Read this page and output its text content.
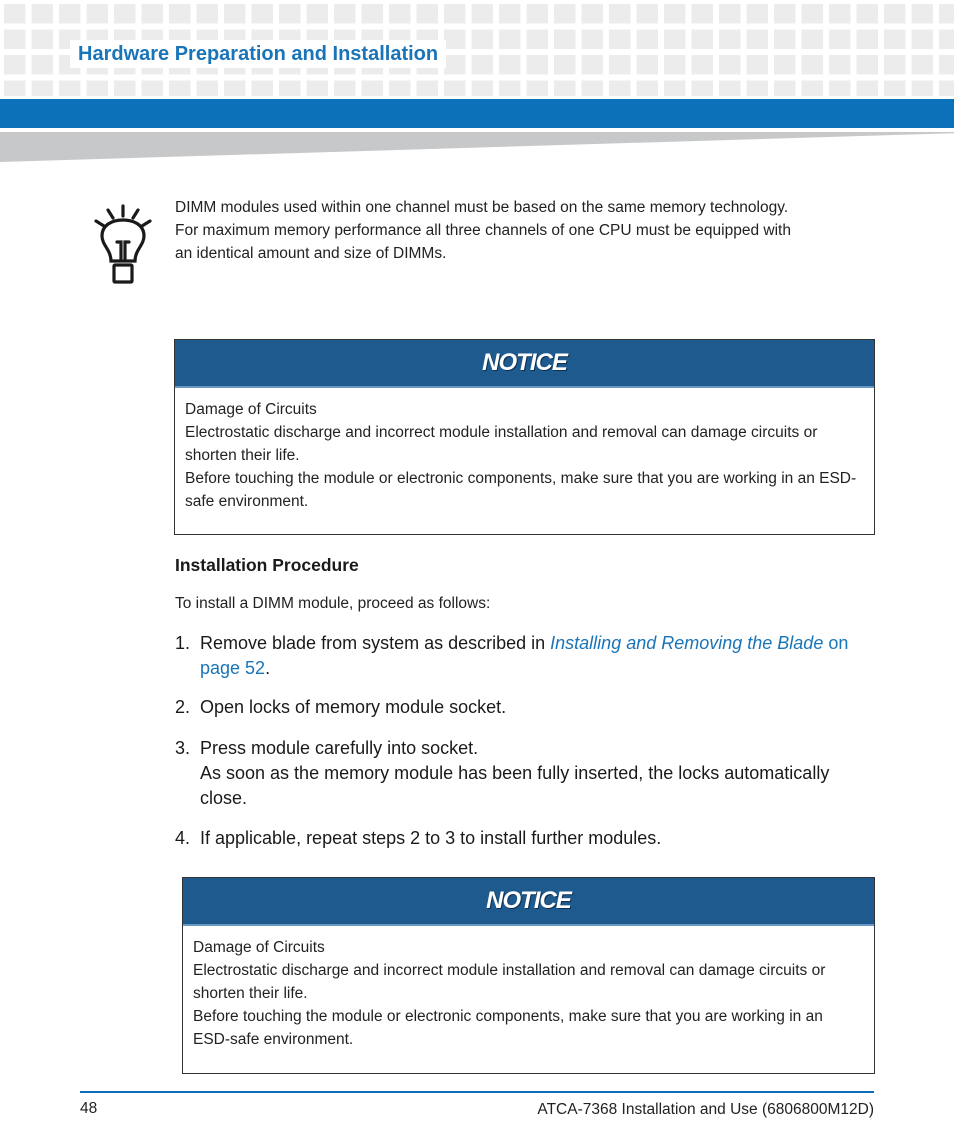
Hardware Preparation and Installation
DIMM modules used within one channel must be based on the same memory technology.
For maximum memory performance all three channels of one CPU must be equipped with
an identical amount and size of DIMMs.
NOTICE

Damage of Circuits

Electrostatic discharge and incorrect module installation and removal can damage circuits or shorten their life.

Before touching the module or electronic components, make sure that you are working in an ESD-safe environment.

Installation Procedure
To install a DIMM module, proceed as follows:
1. Remove blade from system as described in Installing and Removing the Blade on page 52.
2. Open locks of memory module socket.
3. Press module carefully into socket.
As soon as the memory module has been fully inserted, the locks automatically close.
4. If applicable, repeat steps 2 to 3 to install further modules.
NOTICE

Damage of Circuits

Electrostatic discharge and incorrect module installation and removal can damage circuits or shorten their life.

Before touching the module or electronic components, make sure that you are working in an ESD-safe environment.

48	ATCA-7368 Installation and Use (6806800M12D)
